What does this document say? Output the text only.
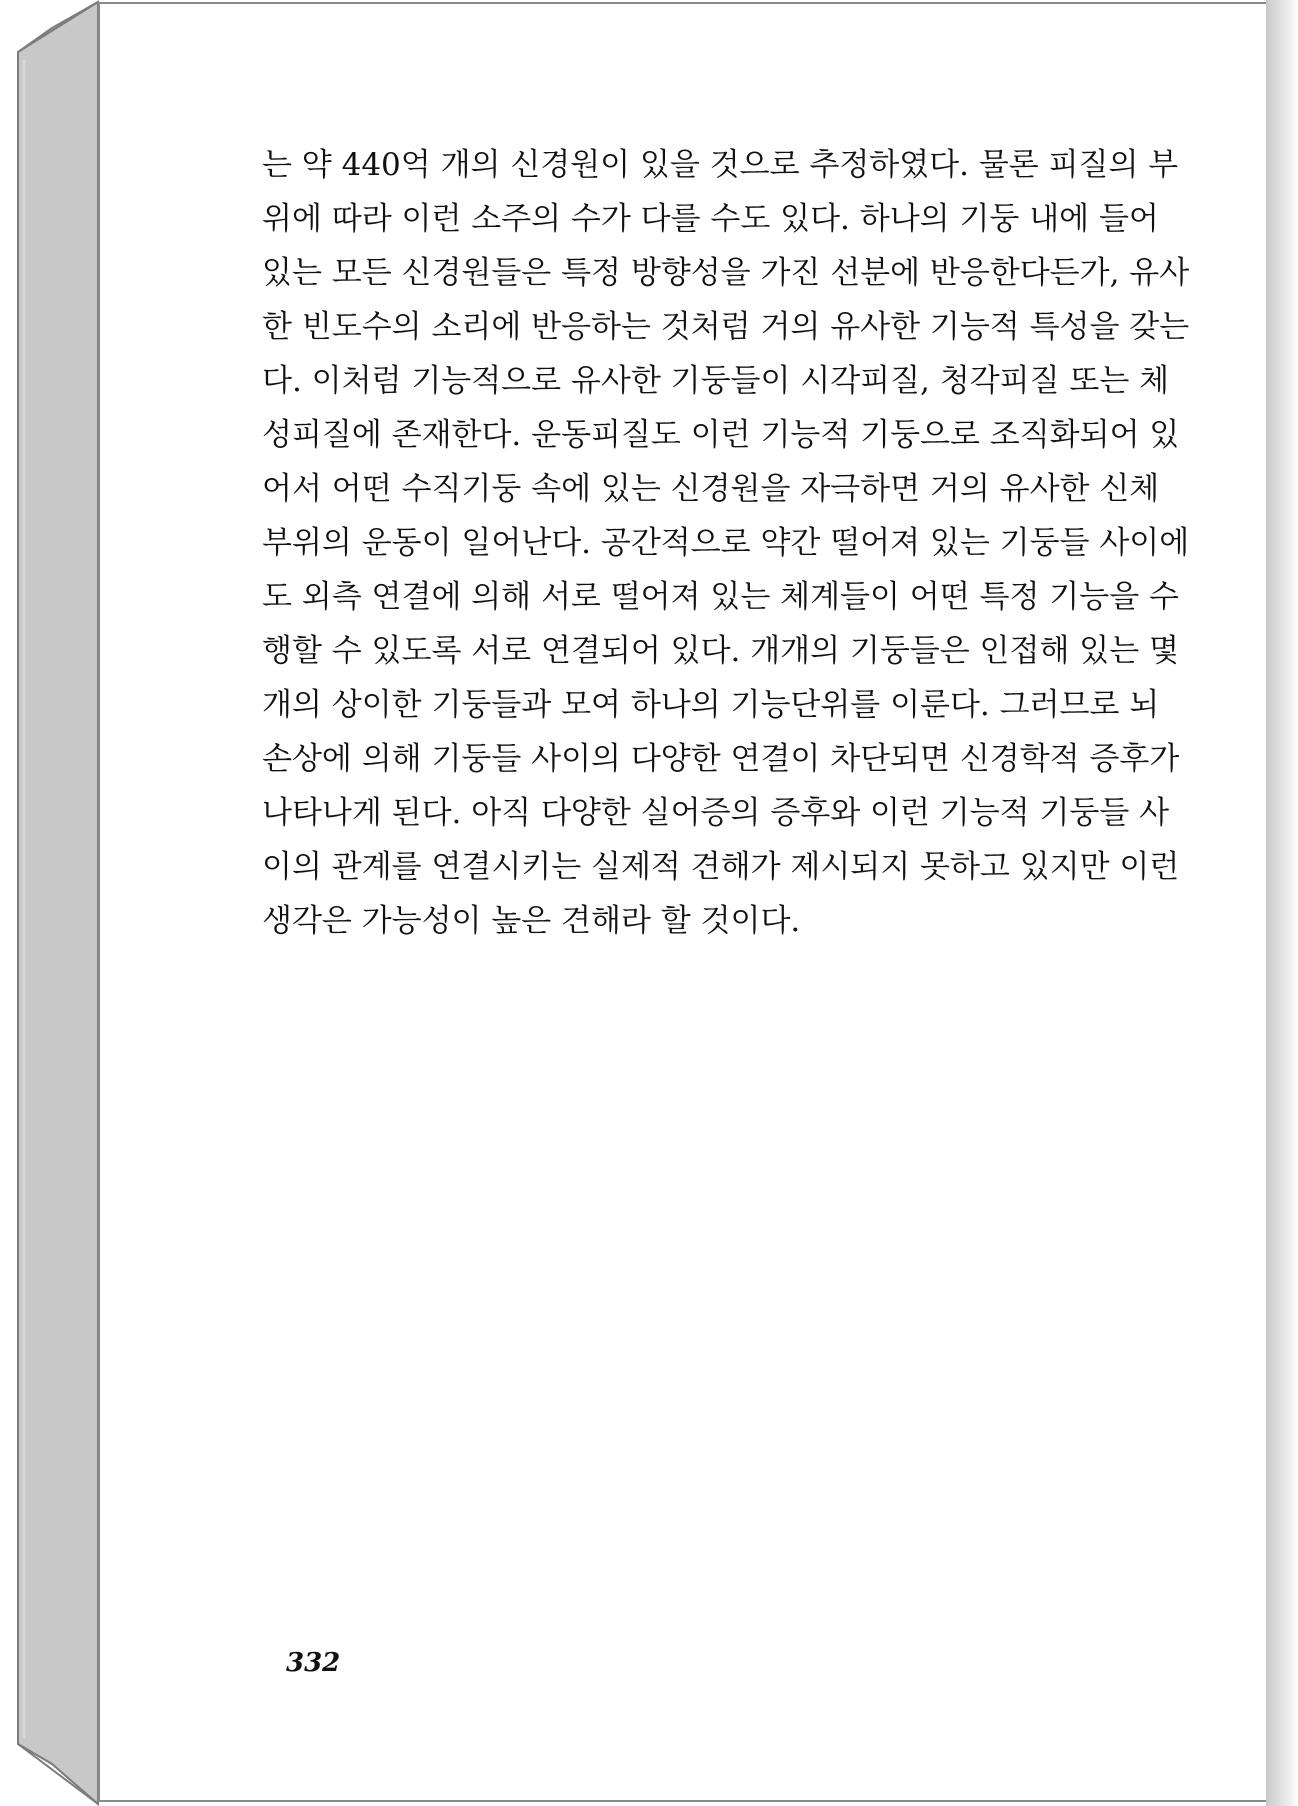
는 약 440억 개의 신경원이 있을 것으로 추정하였다. 물론 피질의 부
위에 따라 이런 소주의 수가 다를 수도 있다. 하나의 기둥 내에 들어
있는 모든 신경원들은 특정 방향성을 가진 선분에 반응한다든가, 유사
한 빈도수의 소리에 반응하는 것처럼 거의 유사한 기능적 특성을 갖는
다. 이처럼 기능적으로 유사한 기둥들이 시각피질, 청각피질 또는 체
성피질에 존재한다. 운동피질도 이런 기능적 기둥으로 조직화되어 있
어서 어떤 수직기둥 속에 있는 신경원을 자극하면 거의 유사한 신체
부위의 운동이 일어난다. 공간적으로 약간 떨어져 있는 기둥들 사이에
도 외측 연결에 의해 서로 떨어져 있는 체계들이 어떤 특정 기능을 수
행할 수 있도록 서로 연결되어 있다. 개개의 기둥들은 인접해 있는 몇
개의 상이한 기둥들과 모여 하나의 기능단위를 이룬다. 그러므로 뇌
손상에 의해 기둥들 사이의 다양한 연결이 차단되면 신경학적 증후가
나타나게 된다. 아직 다양한 실어증의 증후와 이런 기능적 기둥들 사
이의 관계를 연결시키는 실제적 견해가 제시되지 못하고 있지만 이런
생각은 가능성이 높은 견해라 할 것이다.
332
